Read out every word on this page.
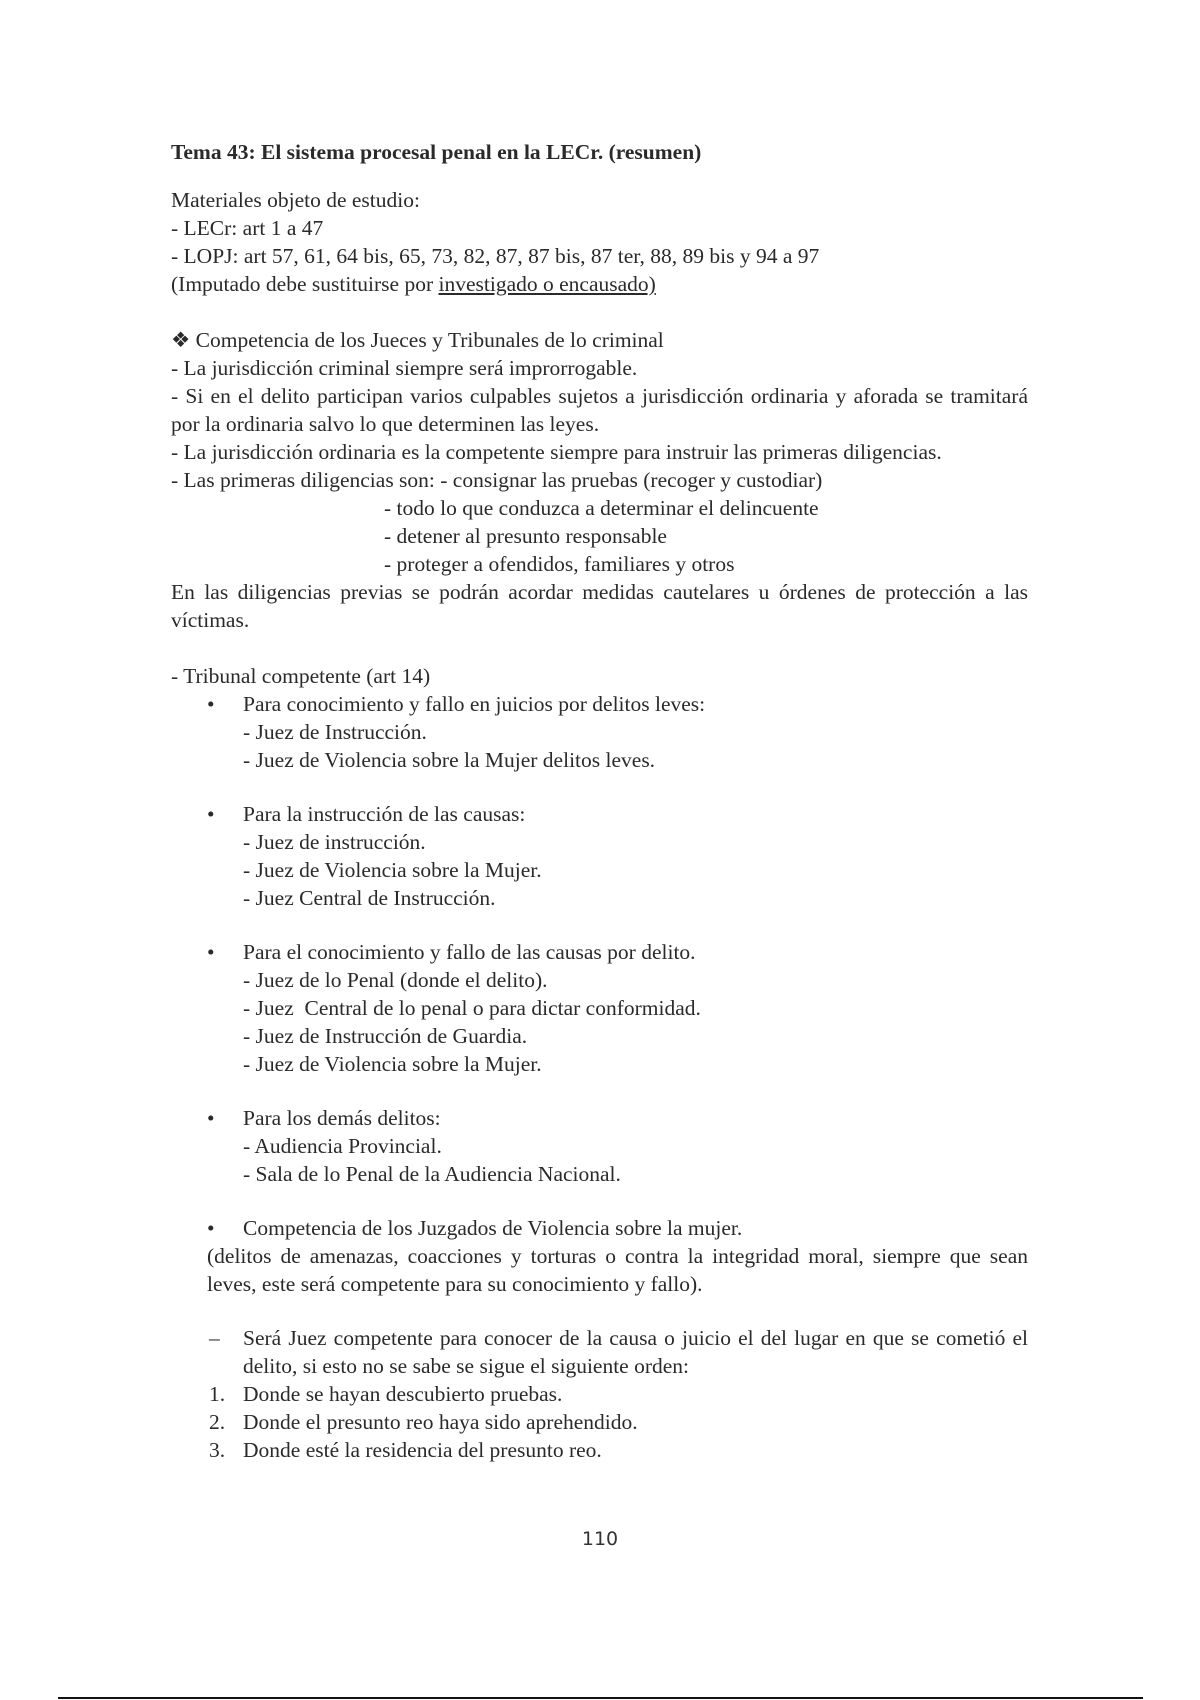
Tema 43: El sistema procesal penal en la LECr. (resumen)
Materiales objeto de estudio:
- LECr: art 1 a 47
- LOPJ: art 57, 61, 64 bis, 65, 73, 82, 87, 87 bis, 87 ter, 88, 89 bis y 94 a 97
(Imputado debe sustituirse por investigado o encausado)
❖ Competencia de los Jueces y Tribunales de lo criminal
- La jurisdicción criminal siempre será improrrogable.
- Si en el delito participan varios culpables sujetos a jurisdicción ordinaria y aforada se tramitará por la ordinaria salvo lo que determinen las leyes.
- La jurisdicción ordinaria es la competente siempre para instruir las primeras diligencias.
- Las primeras diligencias son: - consignar las pruebas (recoger y custodiar)
- todo lo que conduzca a determinar el delincuente
- detener al presunto responsable
- proteger a ofendidos, familiares y otros
En las diligencias previas se podrán acordar medidas cautelares u órdenes de protección a las víctimas.
- Tribunal competente (art 14)
• Para conocimiento y fallo en juicios por delitos leves:
- Juez de Instrucción.
- Juez de Violencia sobre la Mujer delitos leves.
• Para la instrucción de las causas:
- Juez de instrucción.
- Juez de Violencia sobre la Mujer.
- Juez Central de Instrucción.
• Para el conocimiento y fallo de las causas por delito.
- Juez de lo Penal (donde el delito).
- Juez  Central de lo penal o para dictar conformidad.
- Juez de Instrucción de Guardia.
- Juez de Violencia sobre la Mujer.
• Para los demás delitos:
- Audiencia Provincial.
- Sala de lo Penal de la Audiencia Nacional.
• Competencia de los Juzgados de Violencia sobre la mujer.
(delitos de amenazas, coacciones y torturas o contra la integridad moral, siempre que sean leves, este será competente para su conocimiento y fallo).
– Será Juez competente para conocer de la causa o juicio el del lugar en que se cometió el delito, si esto no se sabe se sigue el siguiente orden:
1. Donde se hayan descubierto pruebas.
2. Donde el presunto reo haya sido aprehendido.
3. Donde esté la residencia del presunto reo.
110
